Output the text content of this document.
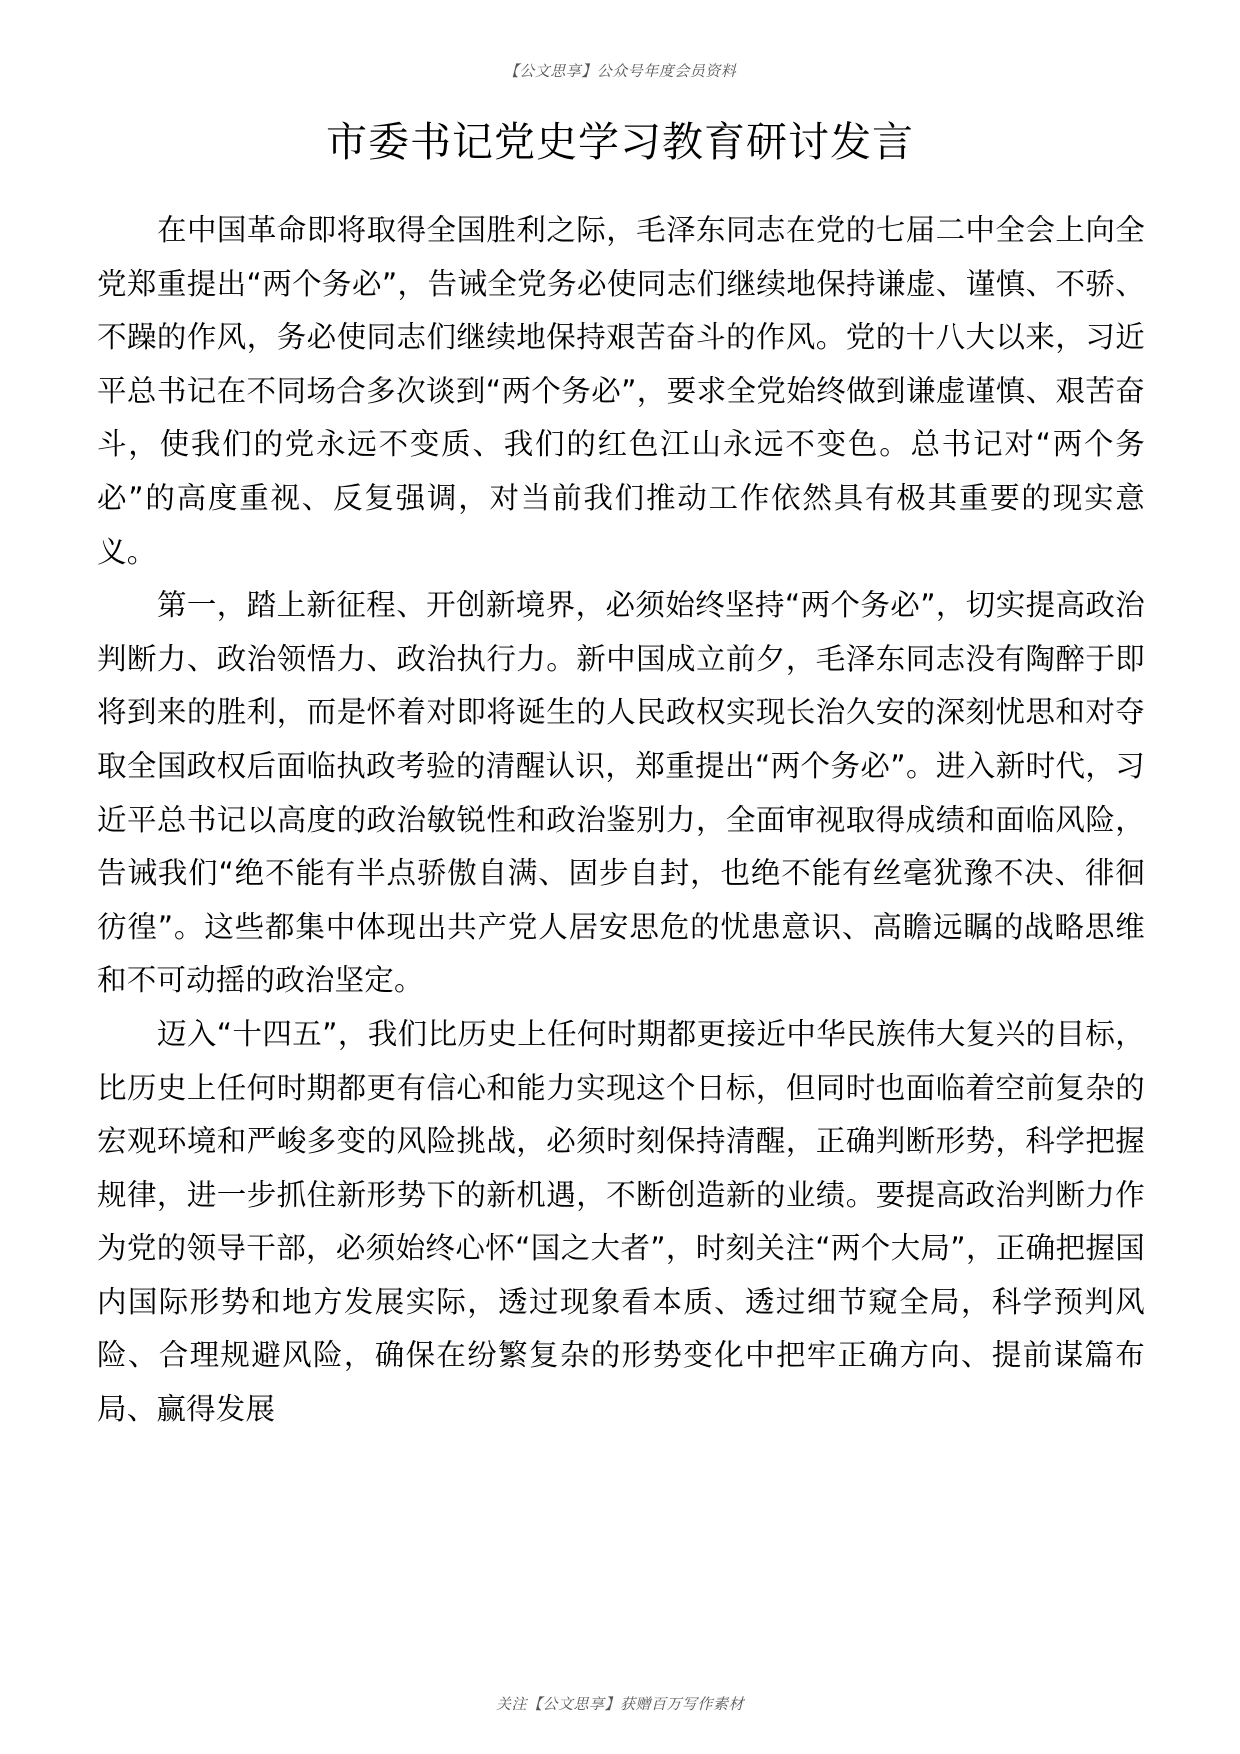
【公文思享】公众号年度会员资料
市委书记党史学习教育研讨发言

在中国革命即将取得全国胜利之际，毛泽东同志在党的七届二中全会上向全党郑重提出“两个务必”，告诫全党务必使同志们继续地保持谦虚、谨慎、不骄、不躁的作风，务必使同志们继续地保持艰苦奋斗的作风。党的十八大以来，习近平总书记在不同场合多次谈到“两个务必”，要求全党始终做到谦虚谨慎、艰苦奋斗，使我们的党永远不变质、我们的红色江山永远不变色。总书记对“两个务必”的高度重视、反复强调，对当前我们推动工作依然具有极其重要的现实意义。

第一，踏上新征程、开创新境界，必须始终坚持“两个务必”，切实提高政治判断力、政治领悟力、政治执行力。新中国成立前夕，毛泽东同志没有陶醉于即将到来的胜利，而是怀着对即将诞生的人民政权实现长治久安的深刻忧思和对夺取全国政权后面临执政考验的清醒认识，郑重提出“两个务必”。进入新时代，习近平总书记以高度的政治敏锐性和政治鉴别力，全面审视取得成绩和面临风险，告诫我们“绝不能有半点骄傲自满、固步自封，也绝不能有丝毫犹豫不决、徘徊彷徨”。这些都集中体现出共产党人居安思危的忧患意识、高瞻远瞩的战略思维和不可动摇的政治坚定。

迈入“十四五”，我们比历史上任何时期都更接近中华民族伟大复兴的目标，比历史上任何时期都更有信心和能力实现这个日标，但同时也面临着空前复杂的宏观环境和严峻多变的风险挑战，必须时刻保持清醒，正确判断形势，科学把握规律，进一步抓住新形势下的新机遇，不断创造新的业绩。要提高政治判断力作为党的领导干部，必须始终心怀“国之大者”，时刻关注“两个大局”，正确把握国内国际形势和地方发展实际，透过现象看本质、透过细节窥全局，科学预判风险、合理规避风险，确保在纷繁复杂的形势变化中把牢正确方向、提前谋篇布局、赢得发展

关注【公文思享】获赠百万写作素材
